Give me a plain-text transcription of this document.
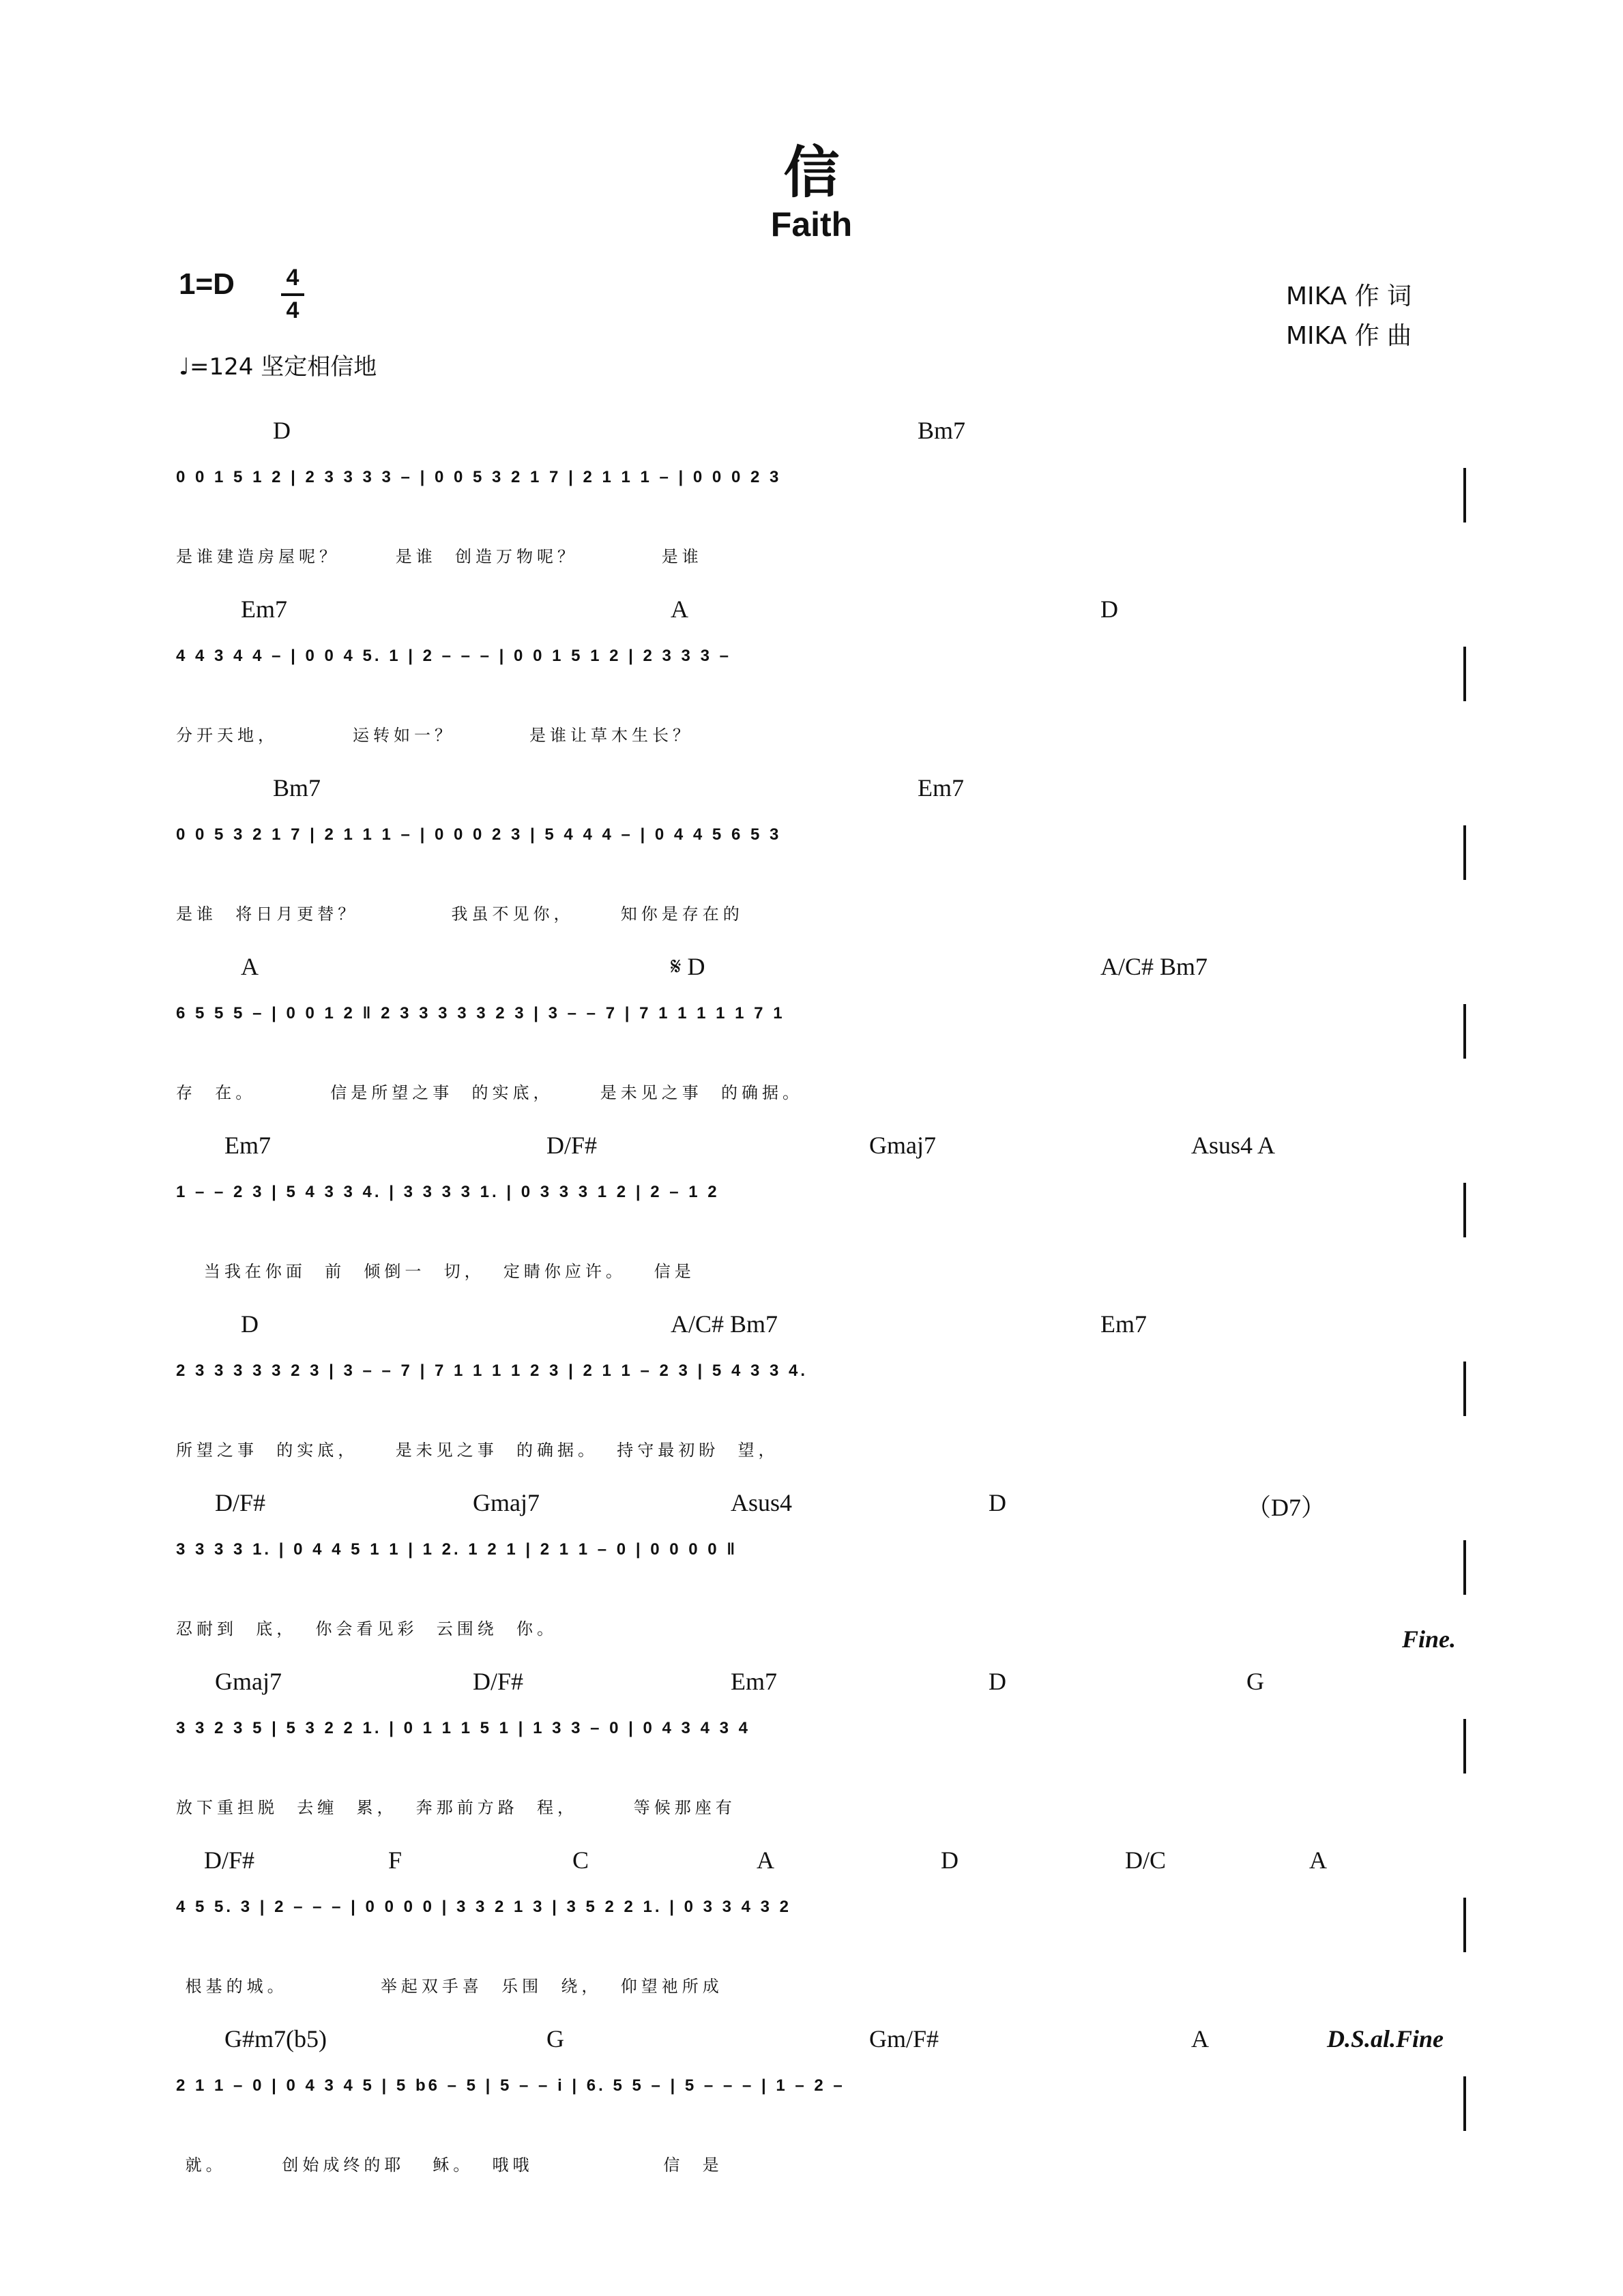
信
Faith
1=D 4
4
♩=124 坚定相信地
MIKA 作 词
MIKA 作 曲
D	Bm7
0 0 1 5 1 2 | 2 3 3 3 3 – | 0 0 5 3 2 1 7 | 2 1 1 1 – | 0 0 0 2 3
是谁建造房屋呢？      是谁  创造万物呢？         是谁
Em7	A	D
4 4 3 4 4 – | 0 0 4 5. 1 | 2 – – – | 0 0 1 5 1 2 | 2 3 3 3 –
分开天地，        运转如一？        是谁让草木生长？
Bm7	Em7
0 0 5 3 2 1 7 | 2 1 1 1 – | 0 0 0 2 3 | 5 4 4 4 – | 0 4 4 5 6 5 3
是谁  将日月更替？          我虽不见你，     知你是存在的
A	𝄋 D	A/C# Bm7
6 5 5 5 – | 0 0 1 2 ‖ 2 3 3 3 3 3 2 3 | 3 – – 7 | 7 1 1 1 1 1 7 1
存  在。        信是所望之事  的实底，     是未见之事  的确据。
Em7	D/F#	Gmaj7	Asus4 A
1 – – 2 3 | 5 4 3 3 4. | 3 3 3 3 1. | 0 3 3 3 1 2 | 2 – 1 2
当我在你面  前  倾倒一  切，  定睛你应许。   信是
D	A/C# Bm7	Em7
2 3 3 3 3 3 2 3 | 3 – – 7 | 7 1 1 1 1 2 3 | 2 1 1 – 2 3 | 5 4 3 3 4.
所望之事  的实底，    是未见之事  的确据。  持守最初盼  望，
D/F#	Gmaj7	Asus4	D	（D7）
3 3 3 3 1. | 0 4 4 5 1 1 | 1 2. 1 2 1 | 2 1 1 – 0 | 0 0 0 0 ‖
忍耐到  底，  你会看见彩  云围绕  你。	Fine.
Gmaj7	D/F#	Em7	D	G
3 3 2 3 5 | 5 3 2 2 1. | 0 1 1 1 5 1 | 1 3 3 – 0 | 0 4 3 4 3 4
放下重担脱  去缠  累，  奔那前方路  程，      等候那座有
D/F#	F	C	A	D	D/C	A
4 5 5. 3 | 2 – – – | 0 0 0 0 | 3 3 2 1 3 | 3 5 2 2 1. | 0 3 3 4 3 2
根基的城。          举起双手喜  乐围  绕，  仰望祂所成
G#m7(b5)	G	Gm/F#	A
2 1 1 – 0 | 0 4 3 4 5 | 5 b6 – 5 | 5 – – i | 6. 5 5 – | 5 – – – | 1 – 2 –
就。      创始成终的耶   稣。  哦哦              信  是
D.S.al.Fine
